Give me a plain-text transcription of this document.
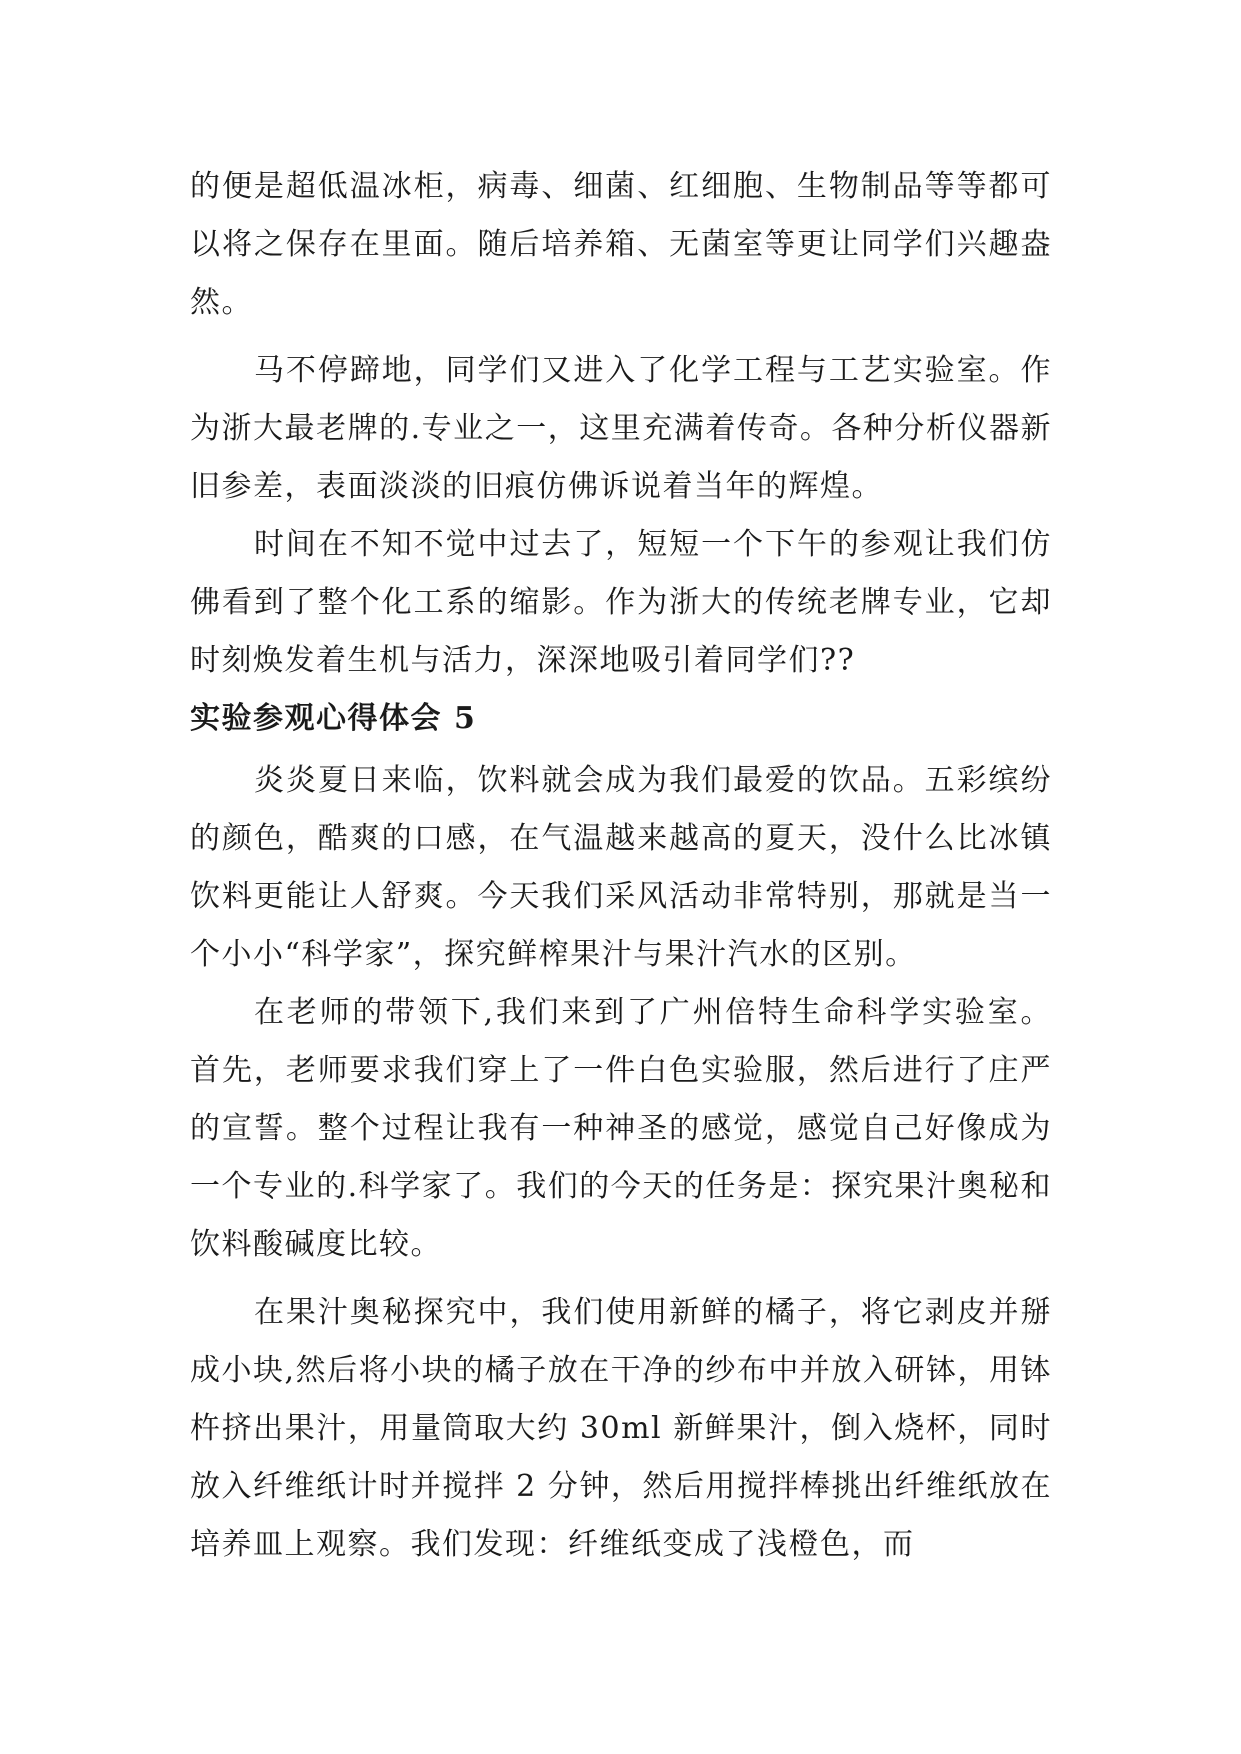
的便是超低温冰柜，病毒、细菌、红细胞、生物制品等等都可以将之保存在里面。随后培养箱、无菌室等更让同学们兴趣盎然。

马不停蹄地，同学们又进入了化学工程与工艺实验室。作为浙大最老牌的.专业之一，这里充满着传奇。各种分析仪器新旧参差，表面淡淡的旧痕仿佛诉说着当年的辉煌。

时间在不知不觉中过去了，短短一个下午的参观让我们仿佛看到了整个化工系的缩影。作为浙大的传统老牌专业，它却时刻焕发着生机与活力，深深地吸引着同学们??

实验参观心得体会 5

炎炎夏日来临，饮料就会成为我们最爱的饮品。五彩缤纷的颜色，酷爽的口感，在气温越来越高的夏天，没什么比冰镇饮料更能让人舒爽。今天我们采风活动非常特别，那就是当一个小小“科学家”，探究鲜榨果汁与果汁汽水的区别。

在老师的带领下,我们来到了广州倍特生命科学实验室。首先，老师要求我们穿上了一件白色实验服，然后进行了庄严的宣誓。整个过程让我有一种神圣的感觉，感觉自己好像成为一个专业的.科学家了。我们的今天的任务是：探究果汁奥秘和饮料酸碱度比较。

在果汁奥秘探究中，我们使用新鲜的橘子，将它剥皮并掰成小块,然后将小块的橘子放在干净的纱布中并放入研钵，用钵杵挤出果汁，用量筒取大约 30ml 新鲜果汁，倒入烧杯，同时放入纤维纸计时并搅拌 2 分钟，然后用搅拌棒挑出纤维纸放在培养皿上观察。我们发现：纤维纸变成了浅橙色，而
